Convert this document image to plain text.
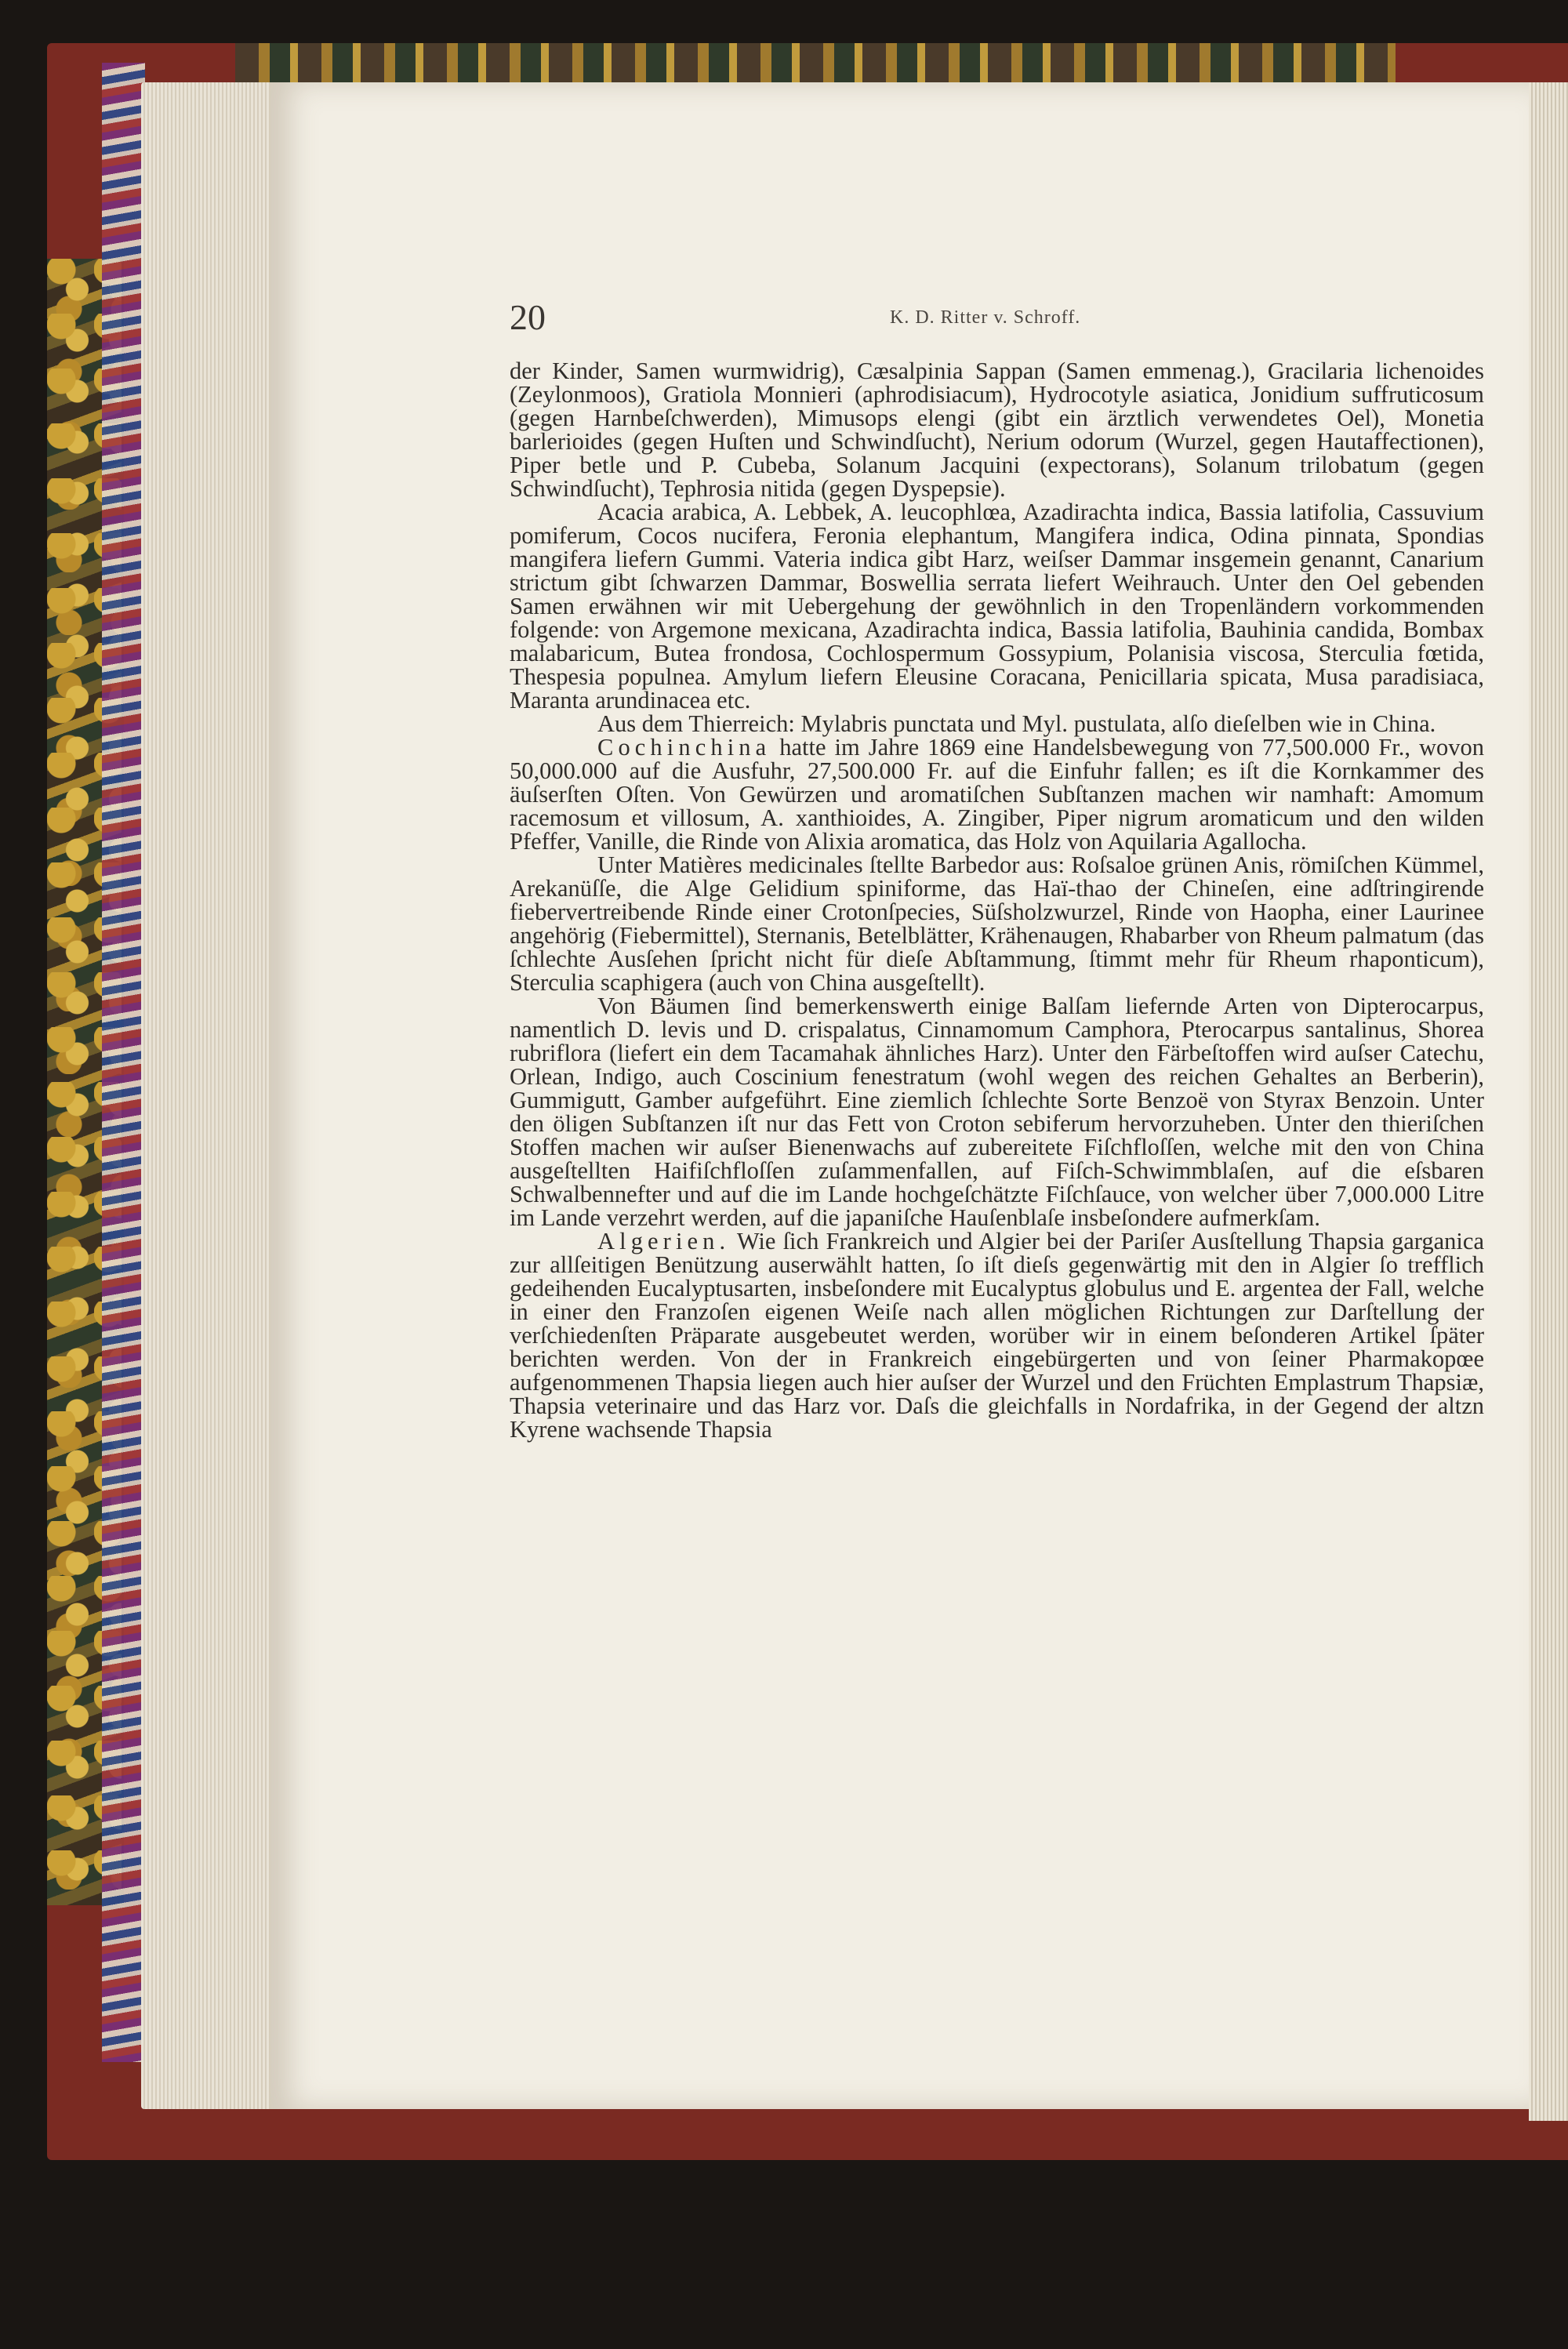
20	K. D. Ritter v. Schroff.

der Kinder, Samen wurmwidrig), Cæsalpinia Sappan (Samen emmenag.), Gracilaria lichenoides (Zeylonmoos), Gratiola Monnieri (aphrodisiacum), Hydrocotyle asiatica, Jonidium suffruticosum (gegen Harnbeſchwerden), Mimusops elengi (gibt ein ärztlich verwendetes Oel), Monetia barlerioides (gegen Huſten und Schwindſucht), Nerium odorum (Wurzel, gegen Hautaffectionen), Piper betle und P. Cubeba, Solanum Jacquini (expectorans), Solanum trilobatum (gegen Schwindſucht), Tephrosia nitida (gegen Dyspepsie).

Acacia arabica, A. Lebbek, A. leucophlœa, Azadirachta indica, Bassia latifolia, Cassuvium pomiferum, Cocos nucifera, Feronia elephantum, Mangifera indica, Odina pinnata, Spondias mangifera liefern Gummi. Vateria indica gibt Harz, weiſser Dammar insgemein genannt, Canarium strictum gibt ſchwarzen Dammar, Boswellia serrata liefert Weihrauch. Unter den Oel gebenden Samen erwähnen wir mit Uebergehung der gewöhnlich in den Tropenländern vorkommenden folgende: von Argemone mexicana, Azadirachta indica, Bassia latifolia, Bauhinia candida, Bombax malabaricum, Butea frondosa, Cochlospermum Gossypium, Polanisia viscosa, Sterculia fœtida, Thespesia populnea. Amylum liefern Eleusine Coracana, Penicillaria spicata, Musa paradisiaca, Maranta arundinacea etc.

Aus dem Thierreich: Mylabris punctata und Myl. pustulata, alſo dieſelben wie in China.

Cochinchina hatte im Jahre 1869 eine Handelsbewegung von 77,500.000 Fr., wovon 50,000.000 auf die Ausfuhr, 27,500.000 Fr. auf die Einfuhr fallen; es iſt die Kornkammer des äuſserſten Oſten. Von Gewürzen und aromatiſchen Subſtanzen machen wir namhaft: Amomum racemosum et villosum, A. xanthioides, A. Zingiber, Piper nigrum aromaticum und den wilden Pfeffer, Vanille, die Rinde von Alixia aromatica, das Holz von Aquilaria Agallocha.

Unter Matières medicinales ſtellte Barbedor aus: Roſsaloe grünen Anis, römiſchen Kümmel, Arekanüſſe, die Alge Gelidium spiniforme, das Haï-thao der Chineſen, eine adſtringirende fiebervertreibende Rinde einer Crotonſpecies, Süſsholzwurzel, Rinde von Haopha, einer Laurinee angehörig (Fiebermittel), Sternanis, Betelblätter, Krähenaugen, Rhabarber von Rheum palmatum (das ſchlechte Ausſehen ſpricht nicht für dieſe Abſtammung, ſtimmt mehr für Rheum rhaponticum), Sterculia scaphigera (auch von China ausgeſtellt).

Von Bäumen ſind bemerkenswerth einige Balſam liefernde Arten von Dipterocarpus, namentlich D. levis und D. crispalatus, Cinnamomum Camphora, Pterocarpus santalinus, Shorea rubriflora (liefert ein dem Tacamahak ähnliches Harz). Unter den Färbeſtoffen wird auſser Catechu, Orlean, Indigo, auch Coscinium fenestratum (wohl wegen des reichen Gehaltes an Berberin), Gummigutt, Gamber aufgeführt. Eine ziemlich ſchlechte Sorte Benzoë von Styrax Benzoin. Unter den öligen Subſtanzen iſt nur das Fett von Croton sebiferum hervorzuheben. Unter den thieriſchen Stoffen machen wir auſser Bienenwachs auf zubereitete Fiſchfloſſen, welche mit den von China ausgeſtellten Haifiſchfloſſen zuſammenfallen, auf Fiſch-Schwimmblaſen, auf die eſsbaren Schwalbennefter und auf die im Lande hochgeſchätzte Fiſchſauce, von welcher über 7,000.000 Litre im Lande verzehrt werden, auf die japaniſche Hauſenblaſe insbeſondere aufmerkſam.

Algerien. Wie ſich Frankreich und Algier bei der Pariſer Ausſtellung Thapsia garganica zur allſeitigen Benützung auserwählt hatten, ſo iſt dieſs gegenwärtig mit den in Algier ſo trefflich gedeihenden Eucalyptusarten, insbeſondere mit Eucalyptus globulus und E. argentea der Fall, welche in einer den Franzoſen eigenen Weiſe nach allen möglichen Richtungen zur Darſtellung der verſchiedenſten Präparate ausgebeutet werden, worüber wir in einem beſonderen Artikel ſpäter berichten werden. Von der in Frankreich eingebürgerten und von ſeiner Pharmakopœe aufgenommenen Thapsia liegen auch hier auſser der Wurzel und den Früchten Emplastrum Thapsiæ, Thapsia veterinaire und das Harz vor. Daſs die gleichfalls in Nordafrika, in der Gegend der altzn Kyrene wachsende Thapsia
